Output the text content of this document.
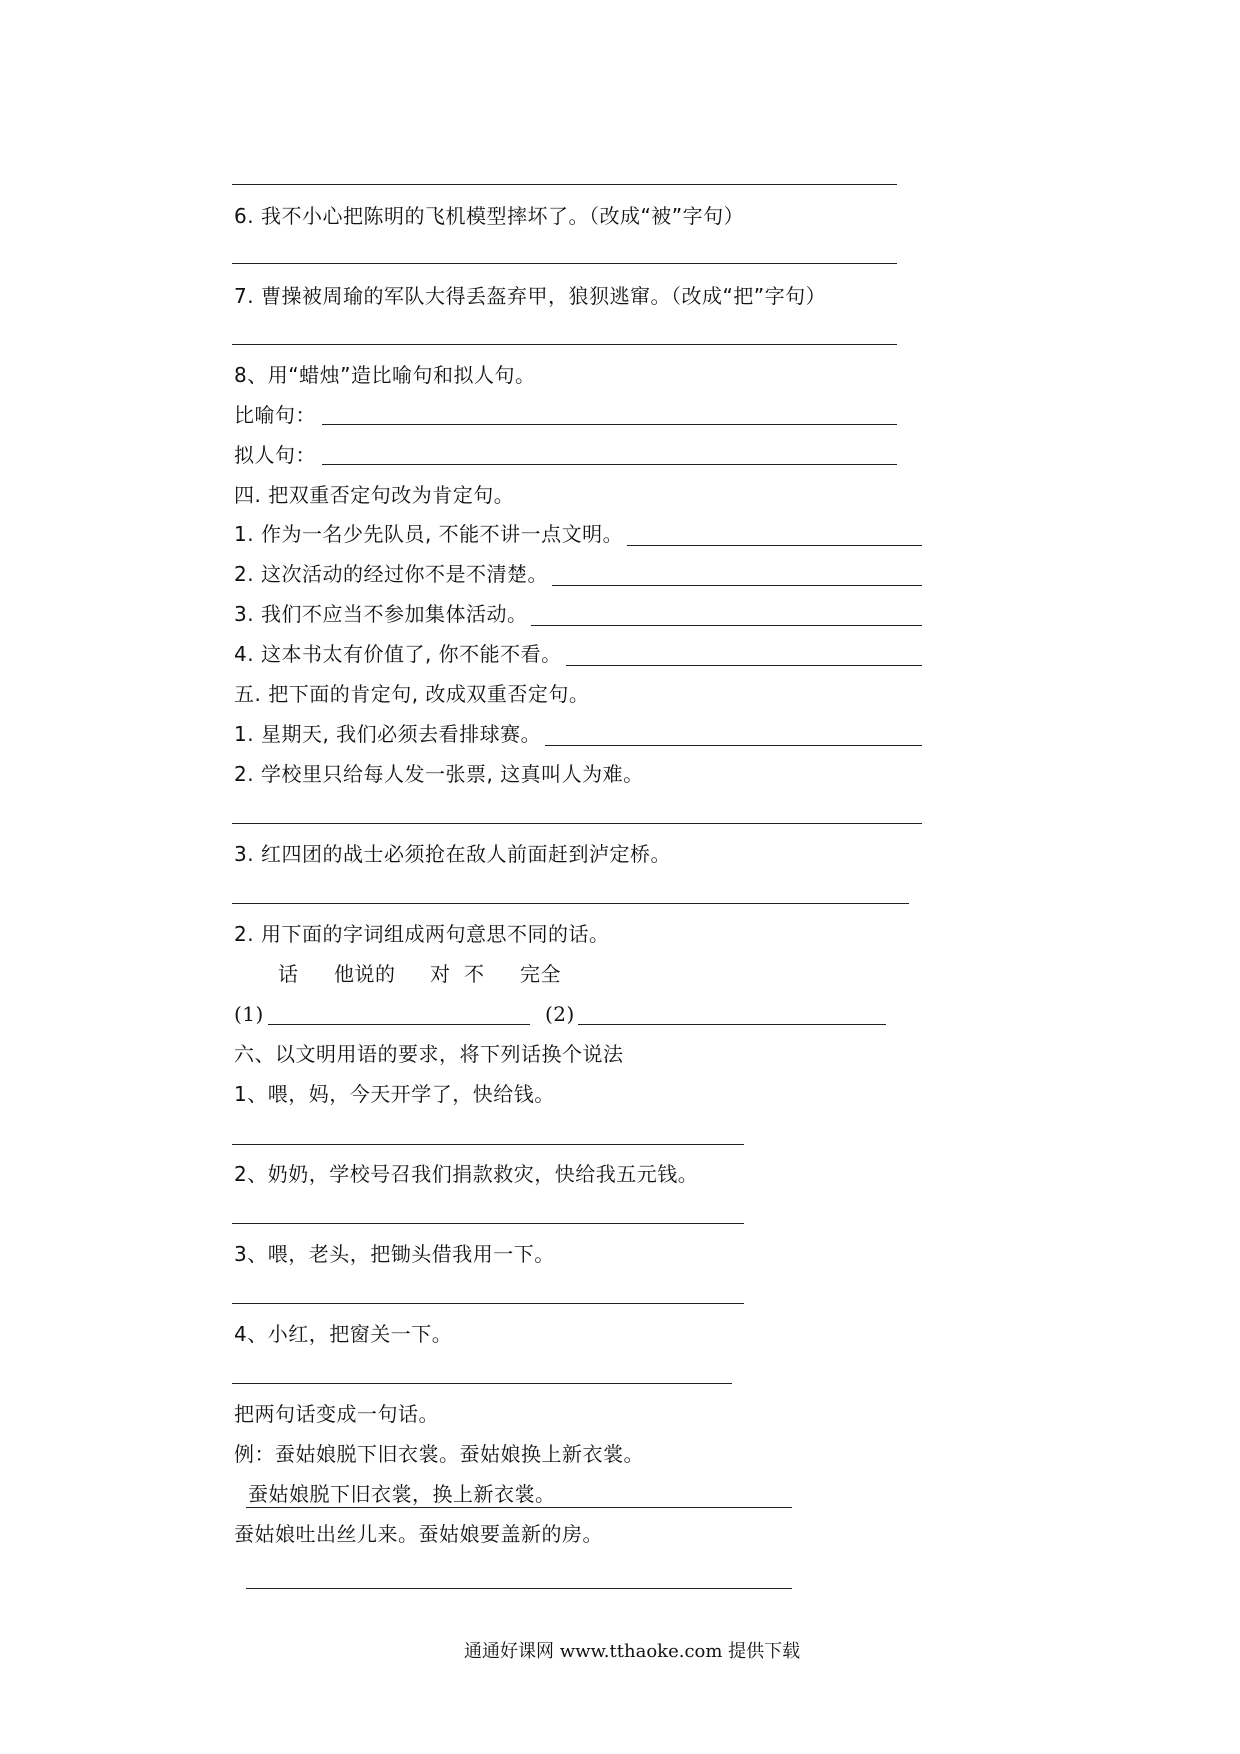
6. 我不小心把陈明的飞机模型摔坏了。（改成“被”字句）
7. 曹操被周瑜的军队大得丢盔弃甲，狼狈逃窜。（改成“把”字句）
8、用“蜡烛”造比喻句和拟人句。
比喻句：
拟人句：
四. 把双重否定句改为肯定句。
1. 作为一名少先队员, 不能不讲一点文明。
2. 这次活动的经过你不是不清楚。
3. 我们不应当不参加集体活动。
4. 这本书太有价值了, 你不能不看。
五. 把下面的肯定句, 改成双重否定句。
1. 星期天, 我们必须去看排球赛。
2. 学校里只给每人发一张票, 这真叫人为难。
3. 红四团的战士必须抢在敌人前面赶到泸定桥。
2. 用下面的字词组成两句意思不同的话。
话 他说的 对 不 完全
(1)	(2)
六、以文明用语的要求，将下列话换个说法
1、喂，妈，今天开学了，快给钱。
2、奶奶，学校号召我们捐款救灾，快给我五元钱。
3、喂，老头，把锄头借我用一下。
4、小红，把窗关一下。
把两句话变成一句话。
例：蚕姑娘脱下旧衣裳。蚕姑娘换上新衣裳。
蚕姑娘脱下旧衣裳，换上新衣裳。
蚕姑娘吐出丝儿来。蚕姑娘要盖新的房。
通通好课网 www.tthaoke.com 提供下载
